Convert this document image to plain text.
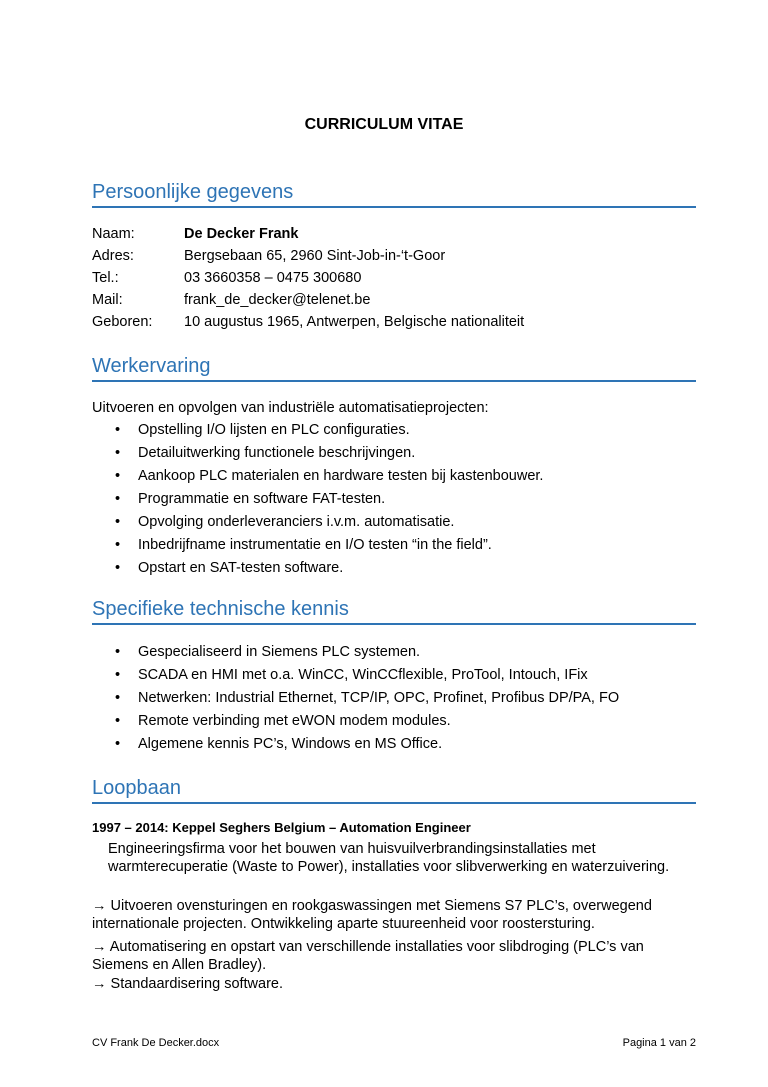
CURRICULUM VITAE
Persoonlijke gegevens
Naam:	De Decker Frank
Adres:	Bergsebaan 65, 2960 Sint-Job-in-‘t-Goor
Tel.:	03 3660358 – 0475 300680
Mail:	frank_de_decker@telenet.be
Geboren: 10 augustus 1965, Antwerpen, Belgische nationaliteit
Werkervaring
Uitvoeren en opvolgen van industriële automatisatieprojecten:
• Opstelling I/O lijsten en PLC configuraties.
• Detailuitwerking functionele beschrijvingen.
• Aankoop PLC materialen en hardware testen bij kastenbouwer.
• Programmatie en software FAT-testen.
• Opvolging onderleveranciers i.v.m. automatisatie.
• Inbedrijfname instrumentatie en I/O testen “in the field”.
• Opstart en SAT-testen software.
Specifieke technische kennis
• Gespecialiseerd in Siemens PLC systemen.
• SCADA en HMI met o.a. WinCC, WinCCflexible, ProTool, Intouch, IFix
• Netwerken: Industrial Ethernet, TCP/IP, OPC, Profinet, Profibus DP/PA, FO
• Remote verbinding met eWON modem modules.
• Algemene kennis PC’s, Windows en MS Office.
Loopbaan
1997 – 2014: Keppel Seghers Belgium – Automation Engineer
Engineeringsfirma voor het bouwen van huisvuilverbrandingsinstallaties met warmterecuperatie (Waste to Power), installaties voor slibverwerking en waterzuivering.
→ Uitvoeren ovensturingen en rookgaswassingen met Siemens S7 PLC’s, overwegend internationale projecten. Ontwikkeling aparte stuureenheid voor roostersturing.
→ Automatisering en opstart van verschillende installaties voor slibdroging (PLC’s van Siemens en Allen Bradley).
→ Standaardisering software.
CV Frank De Decker.docx	Pagina 1 van 2
